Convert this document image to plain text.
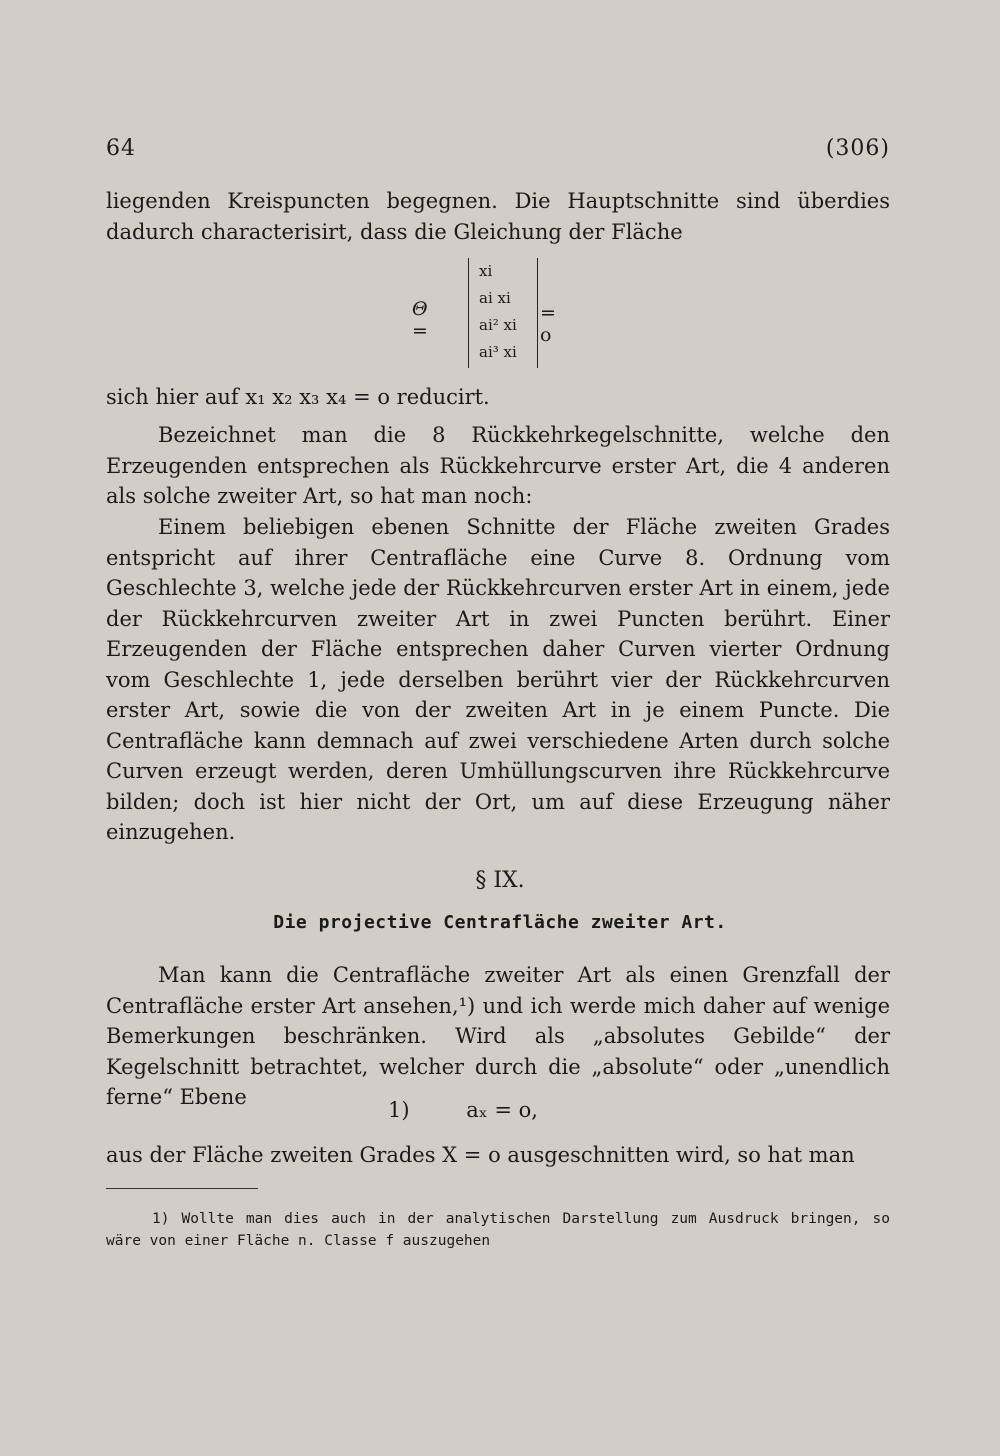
64	(306)

liegenden Kreispuncten begegnen. Die Hauptschnitte sind überdies dadurch characterisirt, dass die Gleichung der Fläche

Θ =
xi
ai xi
ai² xi
ai³ xi
= o

sich hier auf x₁ x₂ x₃ x₄ = o reducirt.

Bezeichnet man die 8 Rückkehrkegelschnitte, welche den Erzeugenden entsprechen als Rückkehrcurve erster Art, die 4 anderen als solche zweiter Art, so hat man noch:

Einem beliebigen ebenen Schnitte der Fläche zweiten Grades entspricht auf ihrer Centrafläche eine Curve 8. Ordnung vom Geschlechte 3, welche jede der Rückkehrcurven erster Art in einem, jede der Rückkehrcurven zweiter Art in zwei Puncten berührt. Einer Erzeugenden der Fläche entsprechen daher Curven vierter Ordnung vom Geschlechte 1, jede derselben berührt vier der Rückkehrcurven erster Art, sowie die von der zweiten Art in je einem Puncte. Die Centrafläche kann demnach auf zwei verschiedene Arten durch solche Curven erzeugt werden, deren Umhüllungscurven ihre Rückkehrcurve bilden; doch ist hier nicht der Ort, um auf diese Erzeugung näher einzugehen.

§ IX.
Die projective Centrafläche zweiter Art.

Man kann die Centrafläche zweiter Art als einen Grenzfall der Centrafläche erster Art ansehen,¹) und ich werde mich daher auf wenige Bemerkungen beschränken. Wird als „absolutes Gebilde“ der Kegelschnitt betrachtet, welcher durch die „absolute“ oder „unendlich ferne“ Ebene

1)	aₓ = o,

aus der Fläche zweiten Grades X = o ausgeschnitten wird, so hat man

1) Wollte man dies auch in der analytischen Darstellung zum Ausdruck bringen, so wäre von einer Fläche n. Classe f auszugehen
